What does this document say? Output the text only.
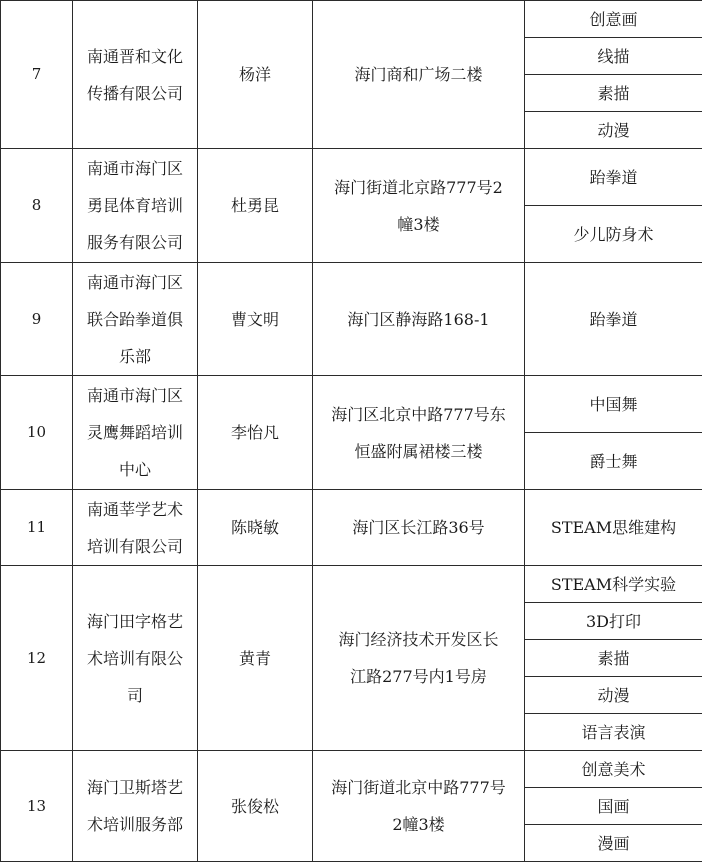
7	南通晋和文化
传播有限公司	杨洋	海门商和广场二楼	创意画
				线描
				素描
				动漫
8	南通市海门区
勇昆体育培训
服务有限公司	杜勇昆	海门街道北京路777号2
幢3楼	跆拳道
				少儿防身术
9	南通市海门区
联合跆拳道俱
乐部	曹文明	海门区静海路168-1	跆拳道
10	南通市海门区
灵鹰舞蹈培训
中心	李怡凡	海门区北京中路777号东
恒盛附属裙楼三楼	中国舞
				爵士舞
11	南通莘学艺术
培训有限公司	陈晓敏	海门区长江路36号	STEAM思维建构
12	海门田字格艺
术培训有限公
司	黄青	海门经济技术开发区长
江路277号内1号房	STEAM科学实验
				3D打印
				素描
				动漫
				语言表演
13	海门卫斯塔艺
术培训服务部	张俊松	海门街道北京中路777号
2幢3楼	创意美术
				国画
				漫画
